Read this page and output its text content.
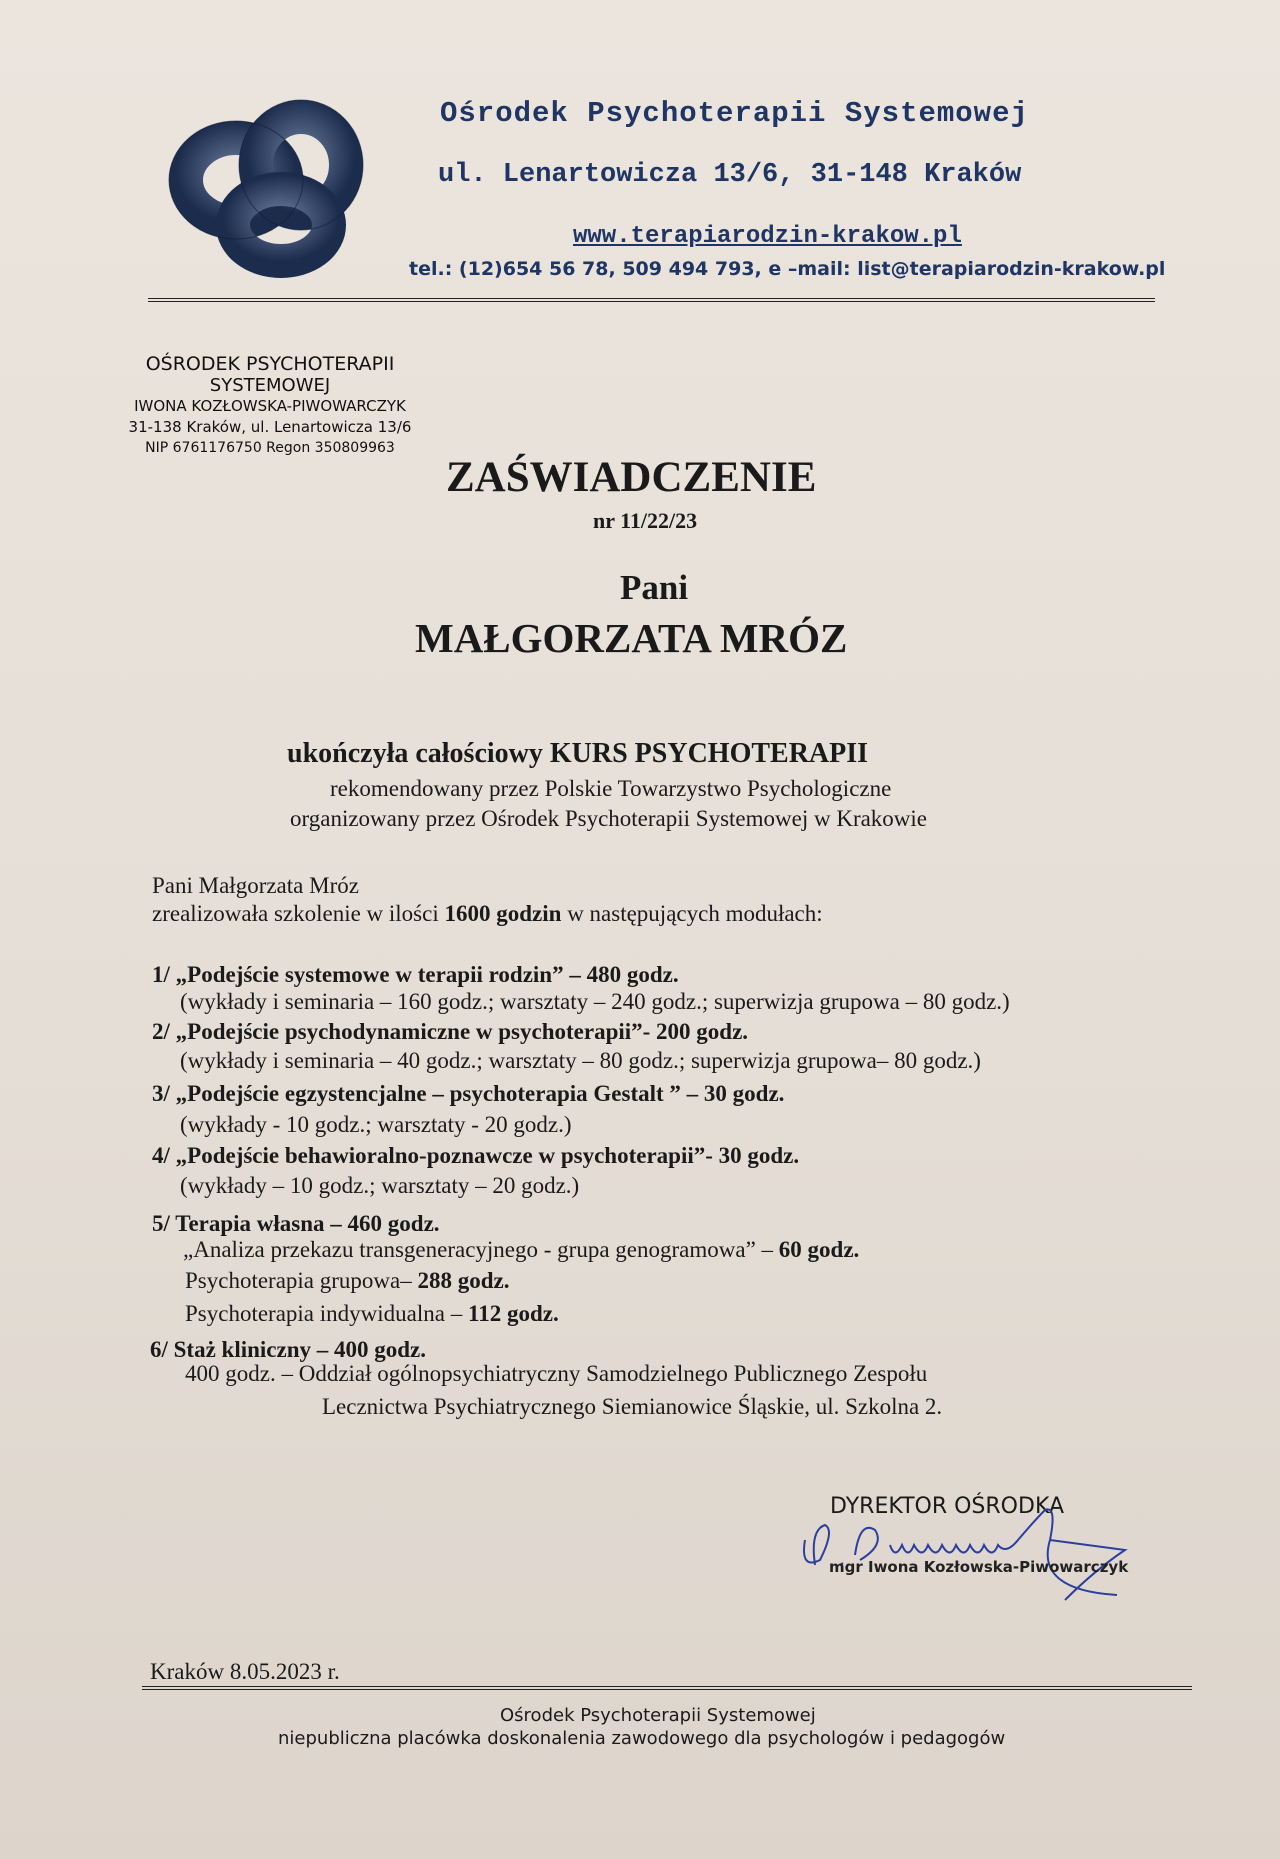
Ośrodek Psychoterapii Systemowej
ul. Lenartowicza 13/6, 31-148 Kraków
www.terapiarodzin-krakow.pl
tel.: (12)654 56 78, 509 494 793, e –mail: list@terapiarodzin-krakow.pl
OŚRODEK PSYCHOTERAPII
SYSTEMOWEJ
IWONA KOZŁOWSKA-PIWOWARCZYK
31-138 Kraków, ul. Lenartowicza 13/6
NIP 6761176750 Regon 350809963
ZAŚWIADCZENIE
nr 11/22/23
Pani
MAŁGORZATA MRÓZ
ukończyła całościowy KURS PSYCHOTERAPII
rekomendowany przez Polskie Towarzystwo Psychologiczne
organizowany przez Ośrodek Psychoterapii Systemowej w Krakowie
Pani Małgorzata Mróz
zrealizowała szkolenie w ilości 1600 godzin w następujących modułach:
1/ „Podejście systemowe w terapii rodzin” – 480 godz.
(wykłady i seminaria – 160 godz.; warsztaty – 240 godz.; superwizja grupowa – 80 godz.)
2/ „Podejście psychodynamiczne w psychoterapii”- 200 godz.
(wykłady i seminaria – 40 godz.; warsztaty – 80 godz.; superwizja grupowa– 80 godz.)
3/ „Podejście egzystencjalne – psychoterapia Gestalt ” – 30 godz.
(wykłady - 10 godz.; warsztaty - 20 godz.)
4/ „Podejście behawioralno-poznawcze w psychoterapii”- 30 godz.
(wykłady – 10 godz.; warsztaty – 20 godz.)
5/ Terapia własna – 460 godz.
„Analiza przekazu transgeneracyjnego - grupa genogramowa” – 60 godz.
Psychoterapia grupowa– 288 godz.
Psychoterapia indywidualna – 112 godz.
6/ Staż kliniczny – 400 godz.
400 godz. – Oddział ogólnopsychiatryczny Samodzielnego Publicznego Zespołu
Lecznictwa Psychiatrycznego Siemianowice Śląskie, ul. Szkolna 2.
DYREKTOR OŚRODKA
mgr Iwona Kozłowska-Piwowarczyk
Kraków 8.05.2023 r.
Ośrodek Psychoterapii Systemowej
niepubliczna placówka doskonalenia zawodowego dla psychologów i pedagogów
